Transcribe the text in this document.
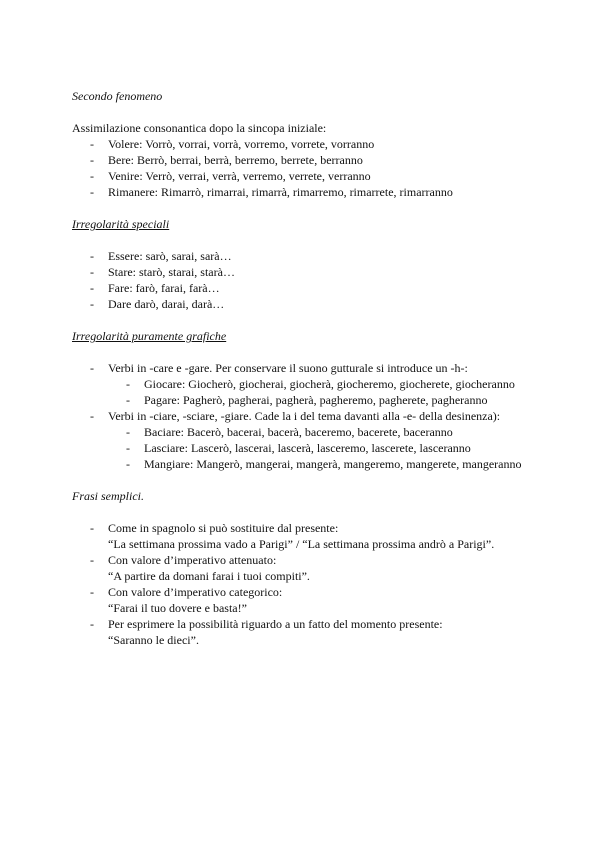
Secondo fenomeno
Assimilazione consonantica dopo la sincopa iniziale:
- Volere: Vorrò, vorrai, vorrà, vorremo, vorrete, vorranno
- Bere: Berrò, berrai, berrà, berremo, berrete, berranno
- Venire: Verrò, verrai, verrà, verremo, verrete, verranno
- Rimanere: Rimarrò, rimarrai, rimarrà, rimarremo, rimarrete, rimarranno
Irregolarità speciali
- Essere: sarò, sarai, sarà…
- Stare: starò, starai, starà…
- Fare: farò, farai, farà…
- Dare darò, darai, darà…
Irregolarità puramente grafiche
- Verbi in -care e -gare. Per conservare il suono gutturale si introduce un -h-:
- Giocare: Giocherò, giocherai, giocherà, giocheremo, giocherete, giocheranno
- Pagare: Pagherò, pagherai, pagherà, pagheremo, pagherete, pagheranno
- Verbi in -ciare, -sciare, -giare. Cade la i del tema davanti alla -e- della desinenza):
- Baciare: Bacerò, bacerai, bacerà, baceremo, bacerete, baceranno
- Lasciare: Lascerò, lascerai, lascerà, lasceremo, lascerete, lasceranno
- Mangiare: Mangerò, mangerai, mangerà, mangeremo, mangerete, mangeranno
Frasi semplici.
- Come in spagnolo si può sostituire dal presente:
“La settimana prossima vado a Parigi” / “La settimana prossima andrò a Parigi”.
- Con valore d’imperativo attenuato:
“A partire da domani farai i tuoi compiti”.
- Con valore d’imperativo categorico:
“Farai il tuo dovere e basta!”
- Per esprimere la possibilità riguardo a un fatto del momento presente:
“Saranno le dieci”.
